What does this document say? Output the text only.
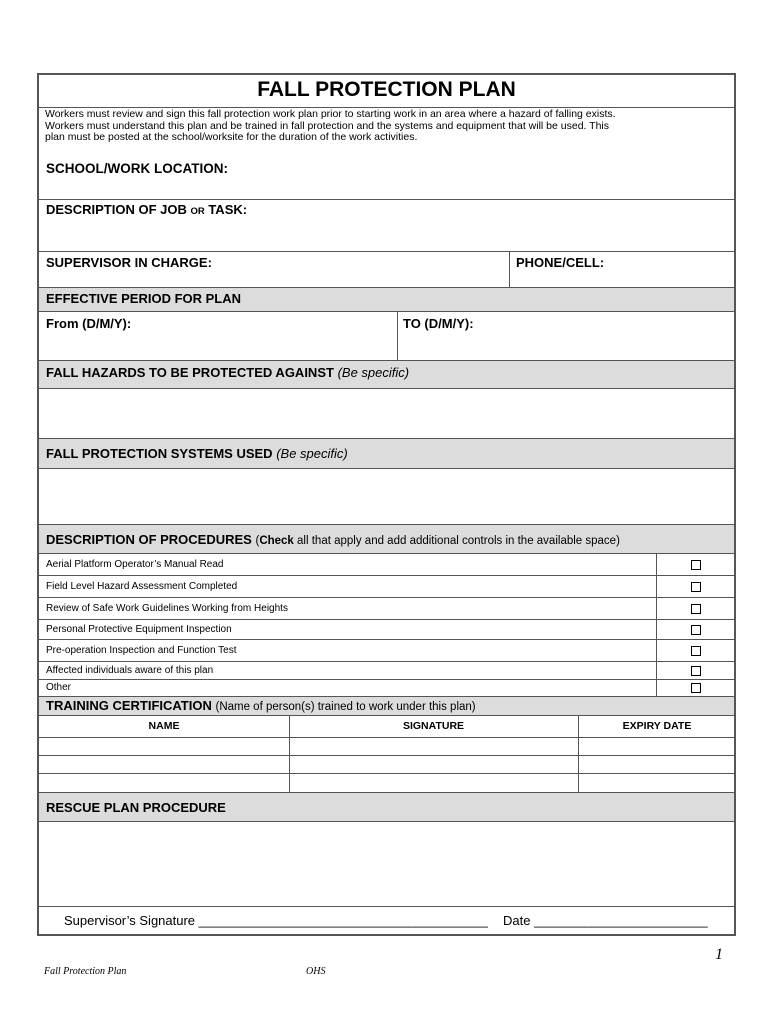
FALL PROTECTION PLAN
Workers must review and sign this fall protection work plan prior to starting work in an area where a hazard of falling exists.
Workers must understand this plan and be trained in fall protection and the systems and equipment that will be used. This
plan must be posted at the school/worksite for the duration of the work activities.
SCHOOL/WORK LOCATION:
DESCRIPTION OF JOB OR TASK:
SUPERVISOR IN CHARGE:	PHONE/CELL:
EFFECTIVE PERIOD FOR PLAN
From (D/M/Y):	TO (D/M/Y):
FALL HAZARDS TO BE PROTECTED AGAINST (Be specific)
FALL PROTECTION SYSTEMS USED (Be specific)
DESCRIPTION OF PROCEDURES (Check all that apply and add additional controls in the available space)
Aerial Platform Operator’s Manual Read
Field Level Hazard Assessment Completed
Review of Safe Work Guidelines Working from Heights
Personal Protective Equipment Inspection
Pre-operation Inspection and Function Test
Affected individuals aware of this plan
Other
TRAINING CERTIFICATION (Name of person(s) trained to work under this plan)
NAME	SIGNATURE	EXPIRY DATE
RESCUE PLAN PROCEDURE
Supervisor’s Signature ________________________________________ Date ________________________
1
Fall Protection Plan	OHS
